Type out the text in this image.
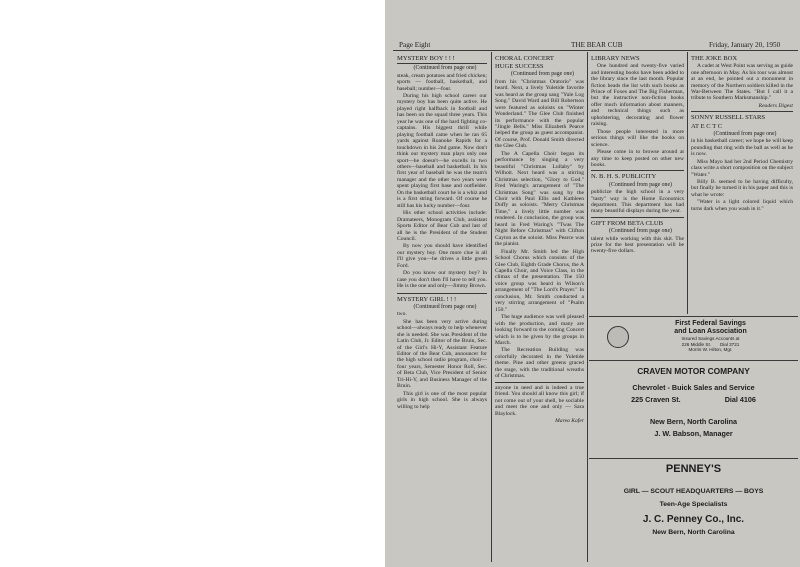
Page Eight	THE BEAR CUB	Friday, January 20, 1950

MYSTERY BOY ! ! !

(Continued from page one)

steak, cream potatoes and fried chicken; sports — football, basketball, and baseball; number—four.

During his high school career our mystery boy has been quite active. He played right halfback in football and has been on the squad three years. This year he was one of the hard fighting co-captains. His biggest thrill while playing football came when he ran 65 yards against Roanoke Rapids for a touchdown in his 2nd game. Now don't think our mystery man plays only one sport—he doesn't—he excells in two others—baseball and basketball. In his first year of baseball he was the team's manager and the other two years were spent playing first base and outfielder. On the basketball court he is a whiz and is a first string forward. Of course he still has his lucky number—four.

His other school activities include: Dramateers, Monogram Club, assistant Sports Editor of Bear Cub and last of all he is the President of the Student Council.

By now you should have identified our mystery boy. One more clue is all I'll give you—he drives a little green Ford.

Do you know our mystery boy? In case you don't then I'll have to tell you. He is the one and only—Jimmy Brown.

MYSTERY GIRL ! ! !

(Continued from page one)

two.

She has been very active during school—always ready to help whenever she is needed. She was President of the Latin Club, Jr. Editor of the Bruin, Sec. of the Girl's Hi-Y, Assistant Feature Editor of the Bear Cub, announcer for the high school radio program, choir—four years, Semester Honor Roll, Sec. of Beta Club, Vice President of Senior Tri-Hi-Y, and Business Manager of the Bruin.

This girl is one of the most popular girls in high school. She is always willing to help

CHORAL CONCERT

HUGE SUCCESS

(Continued from page one)

from his "Christmas Oratorio" was heard. Next, a lively Yuletide favorite was heard as the group sang "Yule Log Song." David Ward and Bill Robertson were featured as soloists on "Winter Wonderland." The Glee Club finished its performance with the popular "Jingle Bells." Miss Elizabeth Pearce helped the group as guest accompanist. Of course, Prof. Donald Smith directed the Glee Club.

The A Capella Choir began its performance by singing a very beautiful "Christmas Lullaby" by Wilhoit. Next heard was a stirring Christmas selection, "Glory to God." Fred Waring's arrangement of "The Christmas Song" was sung by the Choir with Paul Ellis and Kathleen Duffy as soloists. "Merry Christmas Time," a lively little number was rendered. In conclusion, the group was heard in Fred Waring's "'Twas The Night Before Christmas" with Clifton Cayton as the soloist. Miss Pearce was the pianist.

Finally Mr. Smith led the High School Chorus which consists of the Glee Club, Eighth Grade Chorus, the A Capella Choir, and Voice Class, in the climax of the presentation. The 150 voice group was heard in Wilson's arrangement of "The Lord's Prayer." In conclusion, Mr. Smith conducted a very stirring arrangement of "Psalm 150."

The huge audience was well pleased with the production, and many are looking forward to the coming Concert which is to be given by the groups in March.

The Recreation Building was colorfully decorated in the Yuletide theme. Pine and other greens graced the stage, with the traditional wreaths of Christmas.

anyone in need and is indeed a true friend. You should all know this girl; if not come out of your shell, be sociable and meet the one and only — Sara Blaylock.

Marea Kafer

LIBRARY NEWS

One hundred and twenty-five varied and interesting books have been added to the library since the last month. Popular fiction heads the list with such books as Prince of Foxes and The Big Fisherman, but the instructive non-fiction books offer much information about manners, and technical things such as upholstering, decorating and flower raising.

Those people interested in more serious things will like the books on science.

Please come in to browse around at any time to keep posted on other new books.

N. B. H. S. PUBLICITY

(Continued from page one)

publicize the high school in a very "tasty" way is the Home Economics department. This department has had many beautiful displays during the year.

GIFT FROM BETA CLUB

(Continued from page one)

talent while working with this skit. The prize for the best presentation will be twenty-five dollars.

THE JOKE BOX

A cadet at West Point was serving as guide one afternoon in May. As his tour was almost at an end, he pointed out a monument in memory of the Northern soldiers killed in the War-Between The States. "But I call it a tribute to Southern Marksmanship."

Readers Digest

SONNY RUSSELL STARS

AT E C T C

(Continued from page one)

in his basketball career; we hope he will keep pounding that ring with the ball as well as he is now.

Miss Mayo had her 2nd Period Chemistry class write a short composition on the subject "Water."

Billy B. seemed to be having difficulty, but finally he turned it in his paper and this is what he wrote:

"Water is a light colored liquid which turns dark when you wash in it."

First Federal Savings
and Loan Association
Insured Savings Accounts at
226 Middle St.       Dial 3721
Morris W. Hilton, Mgr.
CRAVEN MOTOR COMPANY
Chevrolet - Buick Sales and Service
225 Craven St.	Dial 4106
New Bern, North Carolina
J. W. Babson, Manager
PENNEY'S
GIRL — SCOUT HEADQUARTERS — BOYS
Teen-Age Specialists
J. C. Penney Co., Inc.
New Bern, North Carolina
